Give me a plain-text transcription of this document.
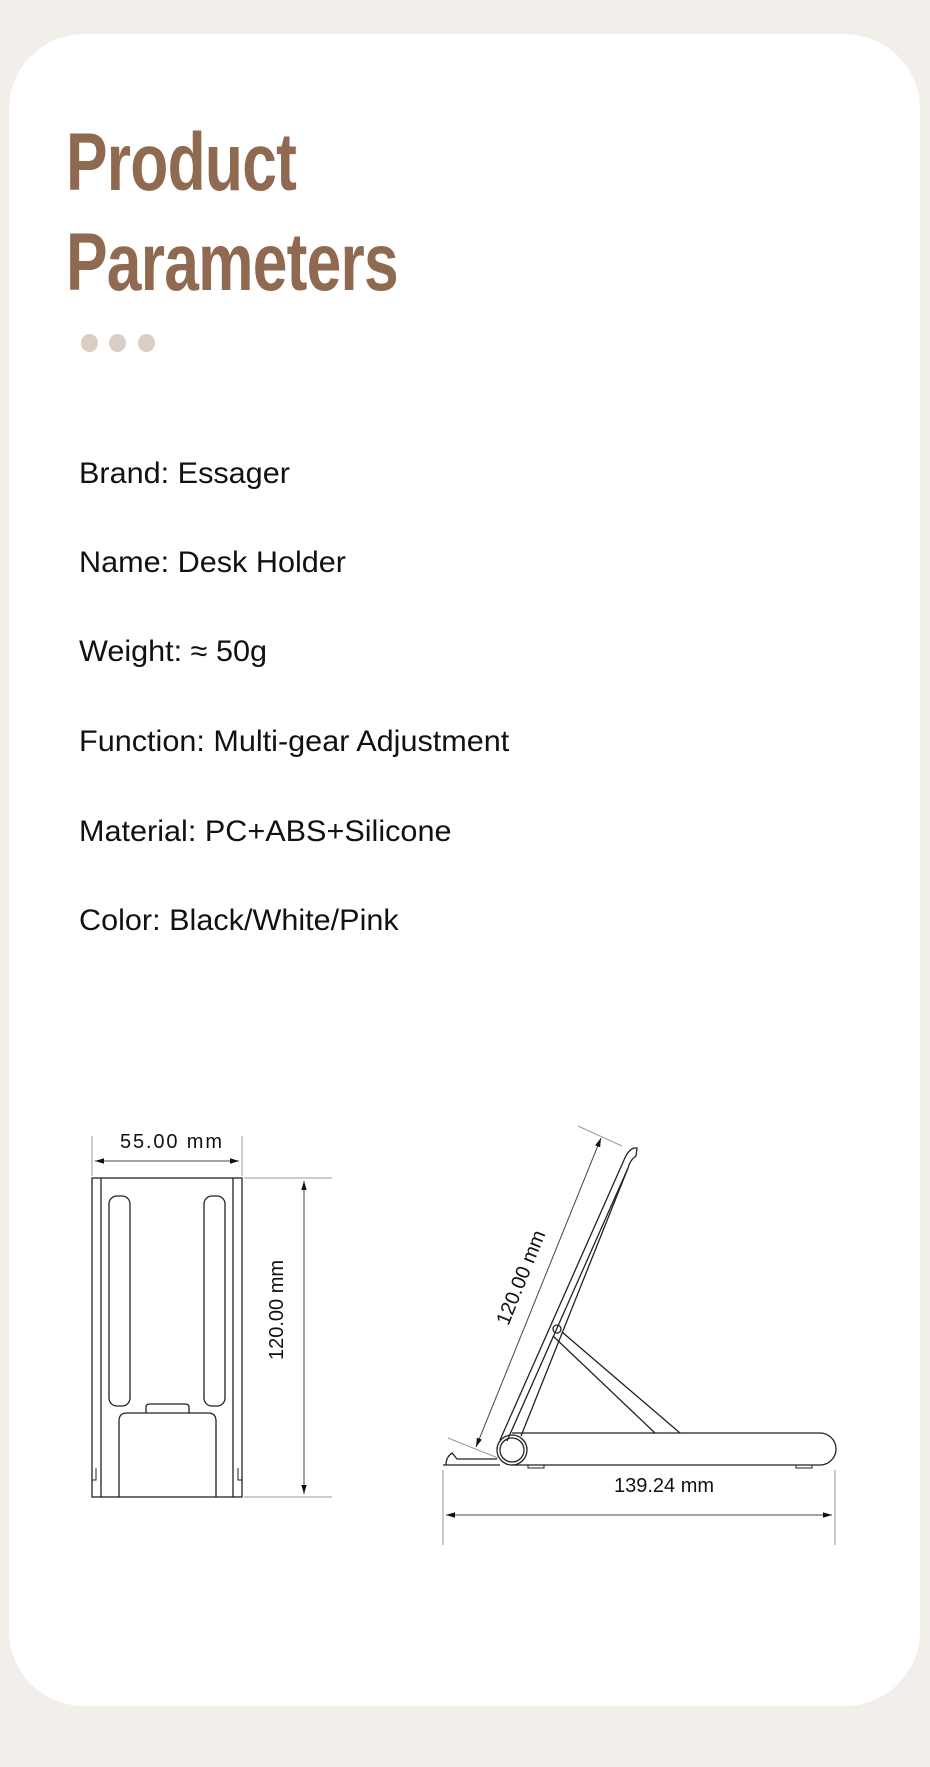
Product
Parameters
Brand: Essager
Name: Desk Holder
Weight: ≈ 50g
Function: Multi-gear Adjustment
Material: PC+ABS+Silicone
Color: Black/White/Pink
55.00 mm
120.00 mm	120.00 mm
139.24 mm
